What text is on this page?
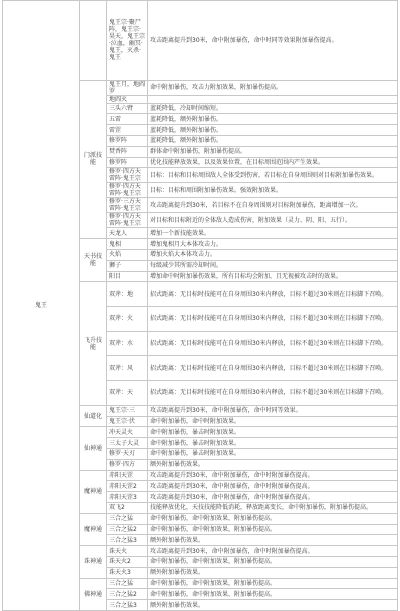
鬼王		鬼王宗·聚尸阵，鬼王宗·昊天，鬼王宗·泣血，幽冥·鬼王，灭杀·鬼王	攻击距离提升到30米，命中附加暴伤，命中时同等效果附加暴伤提高。
	门派技能	鬼王月，地阎罗	命中附加暴伤，攻击力附加效果，附加暴伤提高。
		地阎灭	
		三头六臂	蓝耗降低，冷却时间缩短。
		五雷	蓝耗降低，额外附加暴伤。
		雷罡	蓝耗降低，额外附加暴伤。
		修罗阵	蓝耗降低，额外附加暴伤。
		焚香阵	群体命中附加暴伤，附加暴伤提高。
		修罗阵	优化技能释放效果，以及效果位置，在目标周围范围内产生效果。
		修罗·四方天雷阵·鬼王宗	目标：目标和目标周围敌人全体受到伤害，若目标在自身周围则对目标附加暴伤效果。
		修罗·四方天雷阵·鬼王宗	目标：目标和周围附加暴伤效果。强效附加效果。
		修罗·三方天雷阵·鬼王宗	攻击距离提升到30米，若目标不在自身周围则对目标附加暴伤，距离增加一次。
		修罗·四方天雷阵·鬼王宗	对目标和目标附近的全体敌人造成伤害，附加效果（灵力、阴、阳、五行）。
		天龙人	增加一个新技能效果。
	天书技能	鬼相	增加鬼相月大本体攻击力。
		火焰	增加火焰大本体攻击力。
		狮子	每级减少其所需冷却时间。
		阳目	增加命中时附加暴伤效果，所有目标均会附加，且无视被攻击时的效果。
	飞升技能	双斧：地	招式距离：无目标时技能可在自身周围30米内释放，目标不超过30米则在目标脚下召唤。
		双斧：火	招式距离：无目标时技能可在自身周围30米内释放，目标不超过30米则在目标脚下召唤。
		双斧：水	招式距离：无目标时技能可在自身周围30米内释放，目标不超过30米则在目标脚下召唤。
		双斧：风	招式距离：无目标时技能可在自身周围30米内释放，目标不超过30米则在目标脚下召唤。
		双斧：天	招式距离：无目标时技能可在自身周围30米内释放，目标不超过30米则在目标脚下召唤。
	仙道化	鬼王宗·三	攻击距离提升到30米，命中附加暴伤，命中时同等效果。
		鬼王宗·伏	命中附加暴伤，命中时附加效果。
	仙神通	冲天灵火	命中附加暴伤，暴击时附加效果。
		三太子大灵	命中附加暴伤，暴击时附加效果。
		修罗·天刃	命中附加暴伤，暴击时附加效果。
		修罗·四方	额外附加暴伤效果。
	魔神通	赤阳天罡	攻击距离提升到30米，命中附加暴伤，命中时附加暴伤提高。
		赤阳天罡2	攻击距离提升到30米，命中附加暴伤，命中时附加暴伤提高。
		赤阳天罡3	攻击距离提升到30米，命中附加暴伤，命中时附加暴伤提高。
		双飞2	技能释放优化，天技技能降低消耗，释放距离变长，命中附加暴伤，附加暴伤提高。
	魔神通	三合之猛	命中附加暴伤，命中附加效果，附加暴伤提高。
		三合之猛2	命中附加暴伤，命中附加效果，附加暴伤提高。
		三合之猛3	额外附加暴伤效果。
	诛神通	诛天火	攻击距离提升到30米，命中附加暴伤，命中时附加暴伤提高。
		诛天火2	命中附加暴伤，命中附加效果，附加暴伤提高。
		诛天火3	额外附加暴伤效果。
	佛神通	三合之猛	命中附加暴伤，命中附加效果，附加暴伤提高。
		三合之猛2	命中附加暴伤，命中附加效果，附加暴伤提高。
		三合之猛3	额外附加暴伤效果。
